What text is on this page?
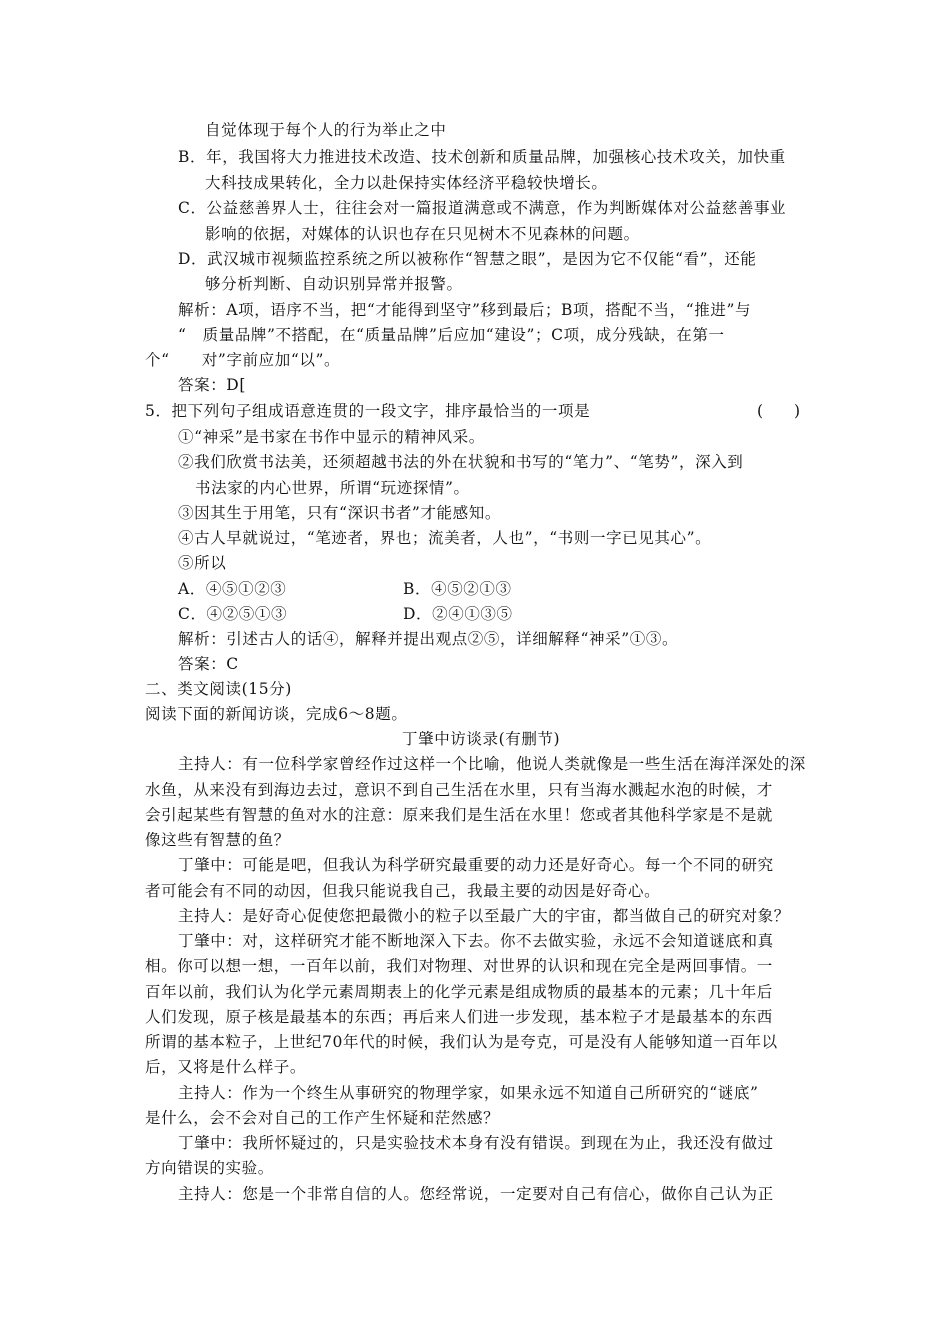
自觉体现于每个人的行为举止之中
B．年，我国将大力推进技术改造、技术创新和质量品牌，加强核心技术攻关，加快重
大科技成果转化，全力以赴保持实体经济平稳较快增长。
C．公益慈善界人士，往往会对一篇报道满意或不满意，作为判断媒体对公益慈善事业
影响的依据，对媒体的认识也存在只见树木不见森林的问题。
D．武汉城市视频监控系统之所以被称作“智慧之眼”，是因为它不仅能“看”，还能
够分析判断、自动识别异常并报警。
解析：A项，语序不当，把“才能得到坚守”移到最后；B项，搭配不当，“推进”与
“　质量品牌”不搭配，在“质量品牌”后应加“建设”；C项，成分残缺，在第一
个“　　对”字前应加“以”。
答案：D[
5．把下列句子组成语意连贯的一段文字，排序最恰当的一项是	(　　)
①“神采”是书家在书作中显示的精神风采。
②我们欣赏书法美，还须超越书法的外在状貌和书写的“笔力”、“笔势”，深入到
书法家的内心世界，所谓“玩迹探情”。
③因其生于用笔，只有“深识书者”才能感知。
④古人早就说过，“笔迹者，界也；流美者，人也”，“书则一字已见其心”。
⑤所以
A．④⑤①②③	B．④⑤②①③
C．④②⑤①③	D．②④①③⑤
解析：引述古人的话④，解释并提出观点②⑤，详细解释“神采”①③。
答案：C
二、类文阅读(15分)
阅读下面的新闻访谈，完成6～8题。
丁肇中访谈录(有删节)
主持人：有一位科学家曾经作过这样一个比喻，他说人类就像是一些生活在海洋深处的深
水鱼，从来没有到海边去过，意识不到自己生活在水里，只有当海水溅起水泡的时候，才
会引起某些有智慧的鱼对水的注意：原来我们是生活在水里！您或者其他科学家是不是就
像这些有智慧的鱼？
丁肇中：可能是吧，但我认为科学研究最重要的动力还是好奇心。每一个不同的研究
者可能会有不同的动因，但我只能说我自己，我最主要的动因是好奇心。
主持人：是好奇心促使您把最微小的粒子以至最广大的宇宙，都当做自己的研究对象？
丁肇中：对，这样研究才能不断地深入下去。你不去做实验，永远不会知道谜底和真
相。你可以想一想，一百年以前，我们对物理、对世界的认识和现在完全是两回事情。一
百年以前，我们认为化学元素周期表上的化学元素是组成物质的最基本的元素；几十年后
人们发现，原子核是最基本的东西；再后来人们进一步发现，基本粒子才是最基本的东西
所谓的基本粒子，上世纪70年代的时候，我们认为是夸克，可是没有人能够知道一百年以
后，又将是什么样子。
主持人：作为一个终生从事研究的物理学家，如果永远不知道自己所研究的“谜底”
是什么，会不会对自己的工作产生怀疑和茫然感？
丁肇中：我所怀疑过的，只是实验技术本身有没有错误。到现在为止，我还没有做过
方向错误的实验。
主持人：您是一个非常自信的人。您经常说，一定要对自己有信心，做你自己认为正
